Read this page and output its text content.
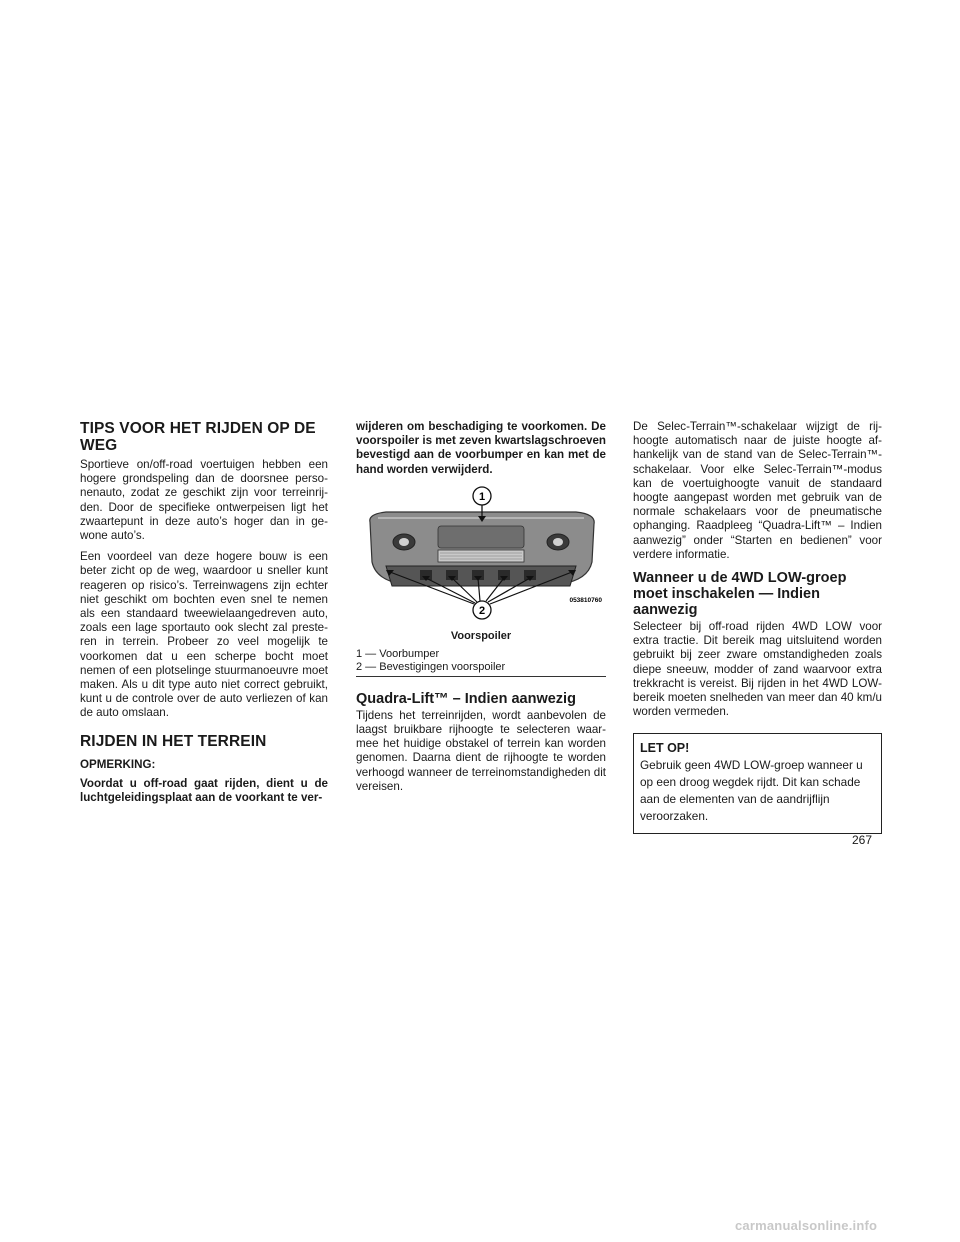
TIPS VOOR HET RIJDEN OP DE WEG

Sportieve on/off-road voertuigen hebben een hogere grondspeling dan de doorsnee personenauto, zodat ze geschikt zijn voor terreinrijden. Door de specifieke ontwerpeisen ligt het zwaartepunt in deze auto’s hoger dan in gewone auto’s.

Een voordeel van deze hogere bouw is een beter zicht op de weg, waardoor u sneller kunt reageren op risico’s. Terreinwagens zijn echter niet geschikt om bochten even snel te nemen als een standaard tweewielaangedreven auto, zoals een lage sportauto ook slecht zal presteren in terrein. Probeer zo veel mogelijk te voorkomen dat u een scherpe bocht moet nemen of een plotselinge stuurmanoeuvre moet maken. Als u dit type auto niet correct gebruikt, kunt u de controle over de auto verliezen of kan de auto omslaan.

RIJDEN IN HET TERREIN
OPMERKING:

Voordat u off-road gaat rijden, dient u de luchtgeleidingsplaat aan de voorkant te ver-

wijderen om beschadiging te voorkomen. De voorspoiler is met zeven kwartslagschroeven bevestigd aan de voorbumper en kan met de hand worden verwijderd.

1
2
053810760
Voorspoiler
1 — Voorbumper
2 — Bevestigingen voorspoiler
Quadra-Lift™ – Indien aanwezig

Tijdens het terreinrijden, wordt aanbevolen de laagst bruikbare rijhoogte te selecteren waarmee het huidige obstakel of terrein kan worden genomen. Daarna dient de rijhoogte te worden verhoogd wanneer de terreinomstandigheden dit vereisen.

De Selec-Terrain™-schakelaar wijzigt de rijhoogte automatisch naar de juiste hoogte afhankelijk van de stand van de Selec-Terrain™-schakelaar. Voor elke Selec-Terrain™-modus kan de voertuighoogte vanuit de standaard hoogte aangepast worden met gebruik van de normale schakelaars voor de pneumatische ophanging. Raadpleeg “Quadra-Lift™ – Indien aanwezig” onder “Starten en bedienen” voor verdere informatie.

Wanneer u de 4WD LOW-groep moet inschakelen — Indien aanwezig

Selecteer bij off-road rijden 4WD LOW voor extra tractie. Dit bereik mag uitsluitend worden gebruikt bij zeer zware omstandigheden zoals diepe sneeuw, modder of zand waarvoor extra trekkracht is vereist. Bij rijden in het 4WD LOW-bereik moeten snelheden van meer dan 40 km/u worden vermeden.

LET OP!
Gebruik geen 4WD LOW-groep wanneer u op een droog wegdek rijdt. Dit kan schade aan de elementen van de aandrijflijn veroorzaken.
267
carmanualsonline.info
